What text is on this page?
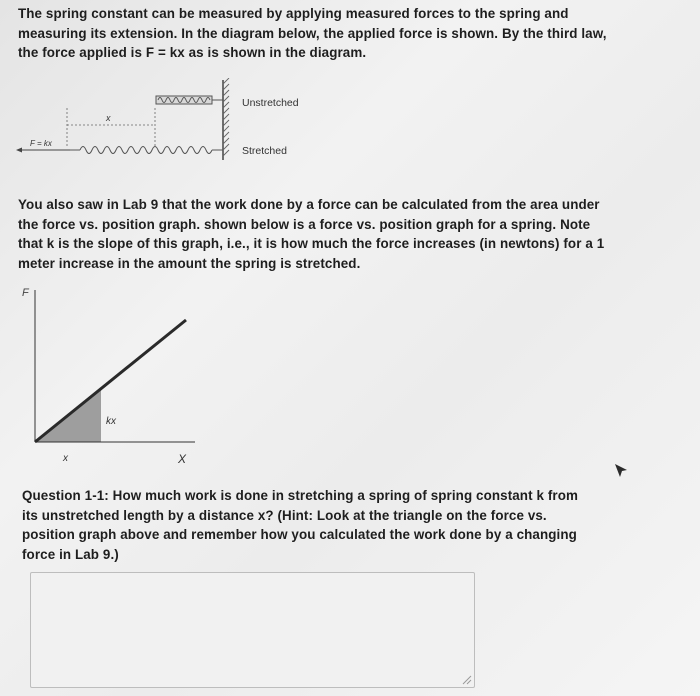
The spring constant can be measured by applying measured forces to the spring and measuring its extension. In the diagram below, the applied force is shown. By the third law, the force applied is F = kx as is shown in the diagram.

x
F = kx
Unstretched
Stretched

You also saw in Lab 9 that the work done by a force can be calculated from the area under the force vs. position graph. shown below is a force vs. position graph for a spring. Note that k is the slope of this graph, i.e., it is how much the force increases (in newtons) for a 1 meter increase in the amount the spring is stretched.

F
kx
x	X

Question 1-1: How much work is done in stretching a spring of spring constant k from its unstretched length by a distance x? (Hint: Look at the triangle on the force vs. position graph above and remember how you calculated the work done by a changing force in Lab 9.)
